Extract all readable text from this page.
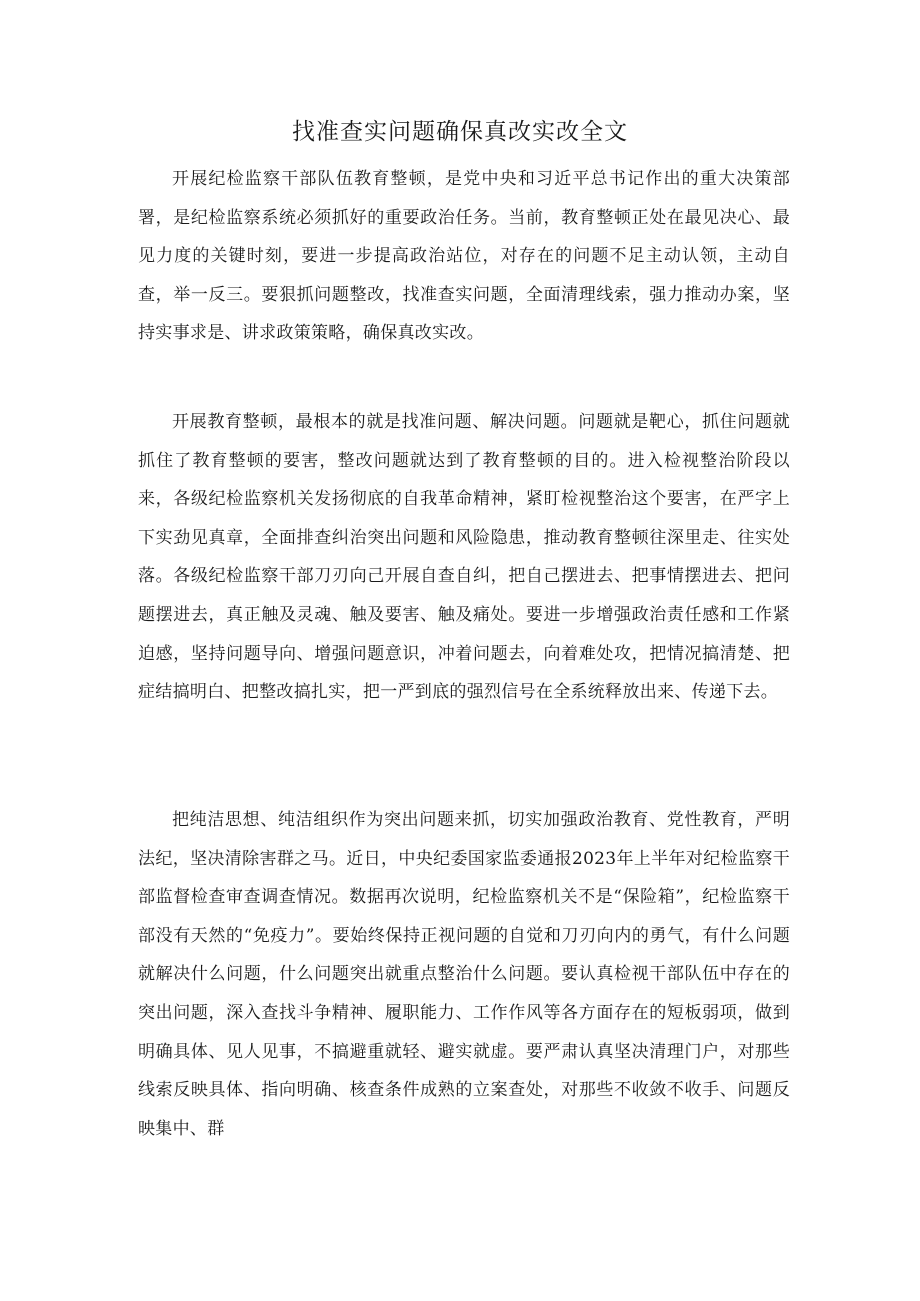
找准查实问题确保真改实改全文

开展纪检监察干部队伍教育整顿，是党中央和习近平总书记作出的重大决策部署，是纪检监察系统必须抓好的重要政治任务。当前，教育整顿正处在最见决心、最见力度的关键时刻，要进一步提高政治站位，对存在的问题不足主动认领，主动自查，举一反三。要狠抓问题整改，找准查实问题，全面清理线索，强力推动办案，坚持实事求是、讲求政策策略，确保真改实改。

开展教育整顿，最根本的就是找准问题、解决问题。问题就是靶心，抓住问题就抓住了教育整顿的要害，整改问题就达到了教育整顿的目的。进入检视整治阶段以来，各级纪检监察机关发扬彻底的自我革命精神，紧盯检视整治这个要害，在严字上下实劲见真章，全面排查纠治突出问题和风险隐患，推动教育整顿往深里走、往实处落。各级纪检监察干部刀刃向己开展自查自纠，把自己摆进去、把事情摆进去、把问题摆进去，真正触及灵魂、触及要害、触及痛处。要进一步增强政治责任感和工作紧迫感，坚持问题导向、增强问题意识，冲着问题去，向着难处攻，把情况搞清楚、把症结搞明白、把整改搞扎实，把一严到底的强烈信号在全系统释放出来、传递下去。

把纯洁思想、纯洁组织作为突出问题来抓，切实加强政治教育、党性教育，严明法纪，坚决清除害群之马。近日，中央纪委国家监委通报2023年上半年对纪检监察干部监督检查审查调查情况。数据再次说明，纪检监察机关不是“保险箱”，纪检监察干部没有天然的“免疫力”。要始终保持正视问题的自觉和刀刃向内的勇气，有什么问题就解决什么问题，什么问题突出就重点整治什么问题。要认真检视干部队伍中存在的突出问题，深入查找斗争精神、履职能力、工作作风等各方面存在的短板弱项，做到明确具体、见人见事，不搞避重就轻、避实就虚。要严肃认真坚决清理门户，对那些线索反映具体、指向明确、核查条件成熟的立案查处，对那些不收敛不收手、问题反映集中、群
